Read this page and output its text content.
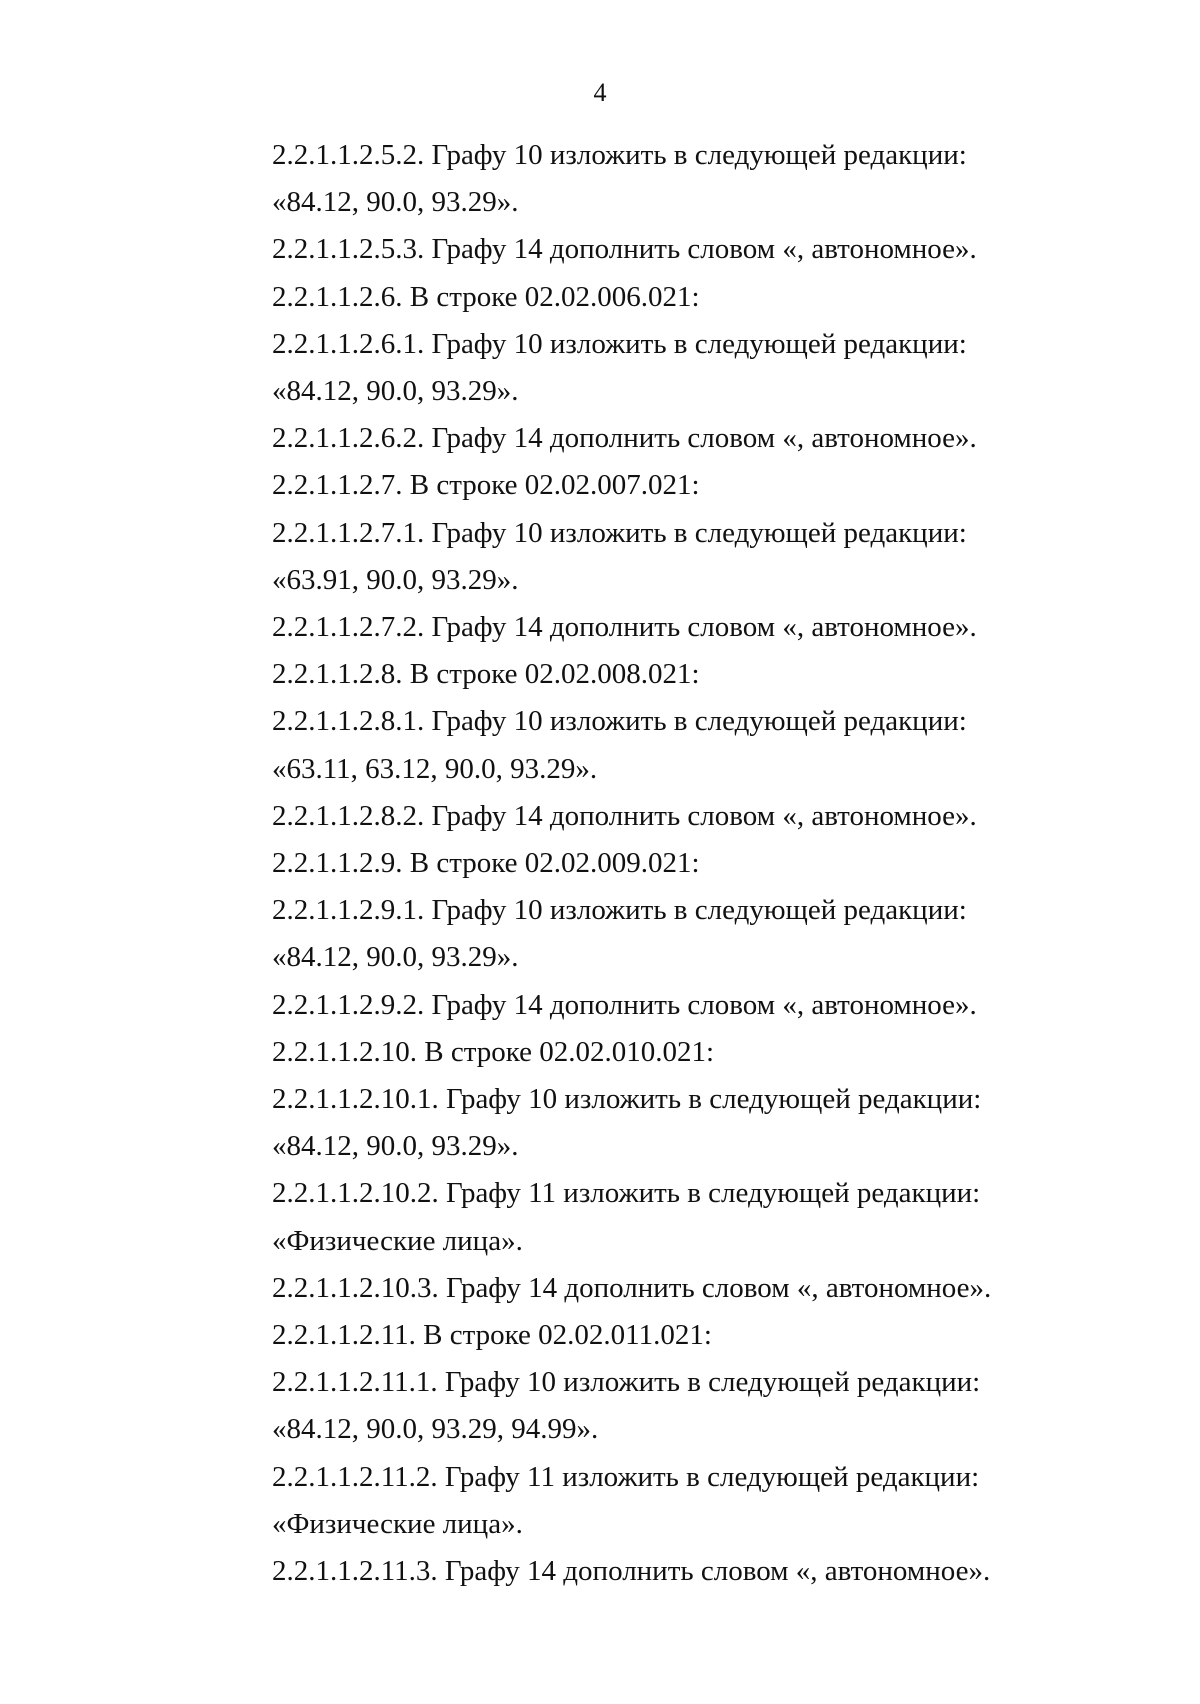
4
2.2.1.1.2.5.2. Графу 10 изложить в следующей редакции:
«84.12, 90.0, 93.29».
2.2.1.1.2.5.3. Графу 14 дополнить словом «, автономное».
2.2.1.1.2.6. В строке 02.02.006.021:
2.2.1.1.2.6.1. Графу 10 изложить в следующей редакции:
«84.12, 90.0, 93.29».
2.2.1.1.2.6.2. Графу 14 дополнить словом «, автономное».
2.2.1.1.2.7. В строке 02.02.007.021:
2.2.1.1.2.7.1. Графу 10 изложить в следующей редакции:
«63.91, 90.0, 93.29».
2.2.1.1.2.7.2. Графу 14 дополнить словом «, автономное».
2.2.1.1.2.8. В строке 02.02.008.021:
2.2.1.1.2.8.1. Графу 10 изложить в следующей редакции:
«63.11, 63.12, 90.0, 93.29».
2.2.1.1.2.8.2. Графу 14 дополнить словом «, автономное».
2.2.1.1.2.9. В строке 02.02.009.021:
2.2.1.1.2.9.1. Графу 10 изложить в следующей редакции:
«84.12, 90.0, 93.29».
2.2.1.1.2.9.2. Графу 14 дополнить словом «, автономное».
2.2.1.1.2.10. В строке 02.02.010.021:
2.2.1.1.2.10.1. Графу 10 изложить в следующей редакции:
«84.12, 90.0, 93.29».
2.2.1.1.2.10.2. Графу 11 изложить в следующей редакции:
«Физические лица».
2.2.1.1.2.10.3. Графу 14 дополнить словом «, автономное».
2.2.1.1.2.11. В строке 02.02.011.021:
2.2.1.1.2.11.1. Графу 10 изложить в следующей редакции:
«84.12, 90.0, 93.29, 94.99».
2.2.1.1.2.11.2. Графу 11 изложить в следующей редакции:
«Физические лица».
2.2.1.1.2.11.3. Графу 14 дополнить словом «, автономное».
